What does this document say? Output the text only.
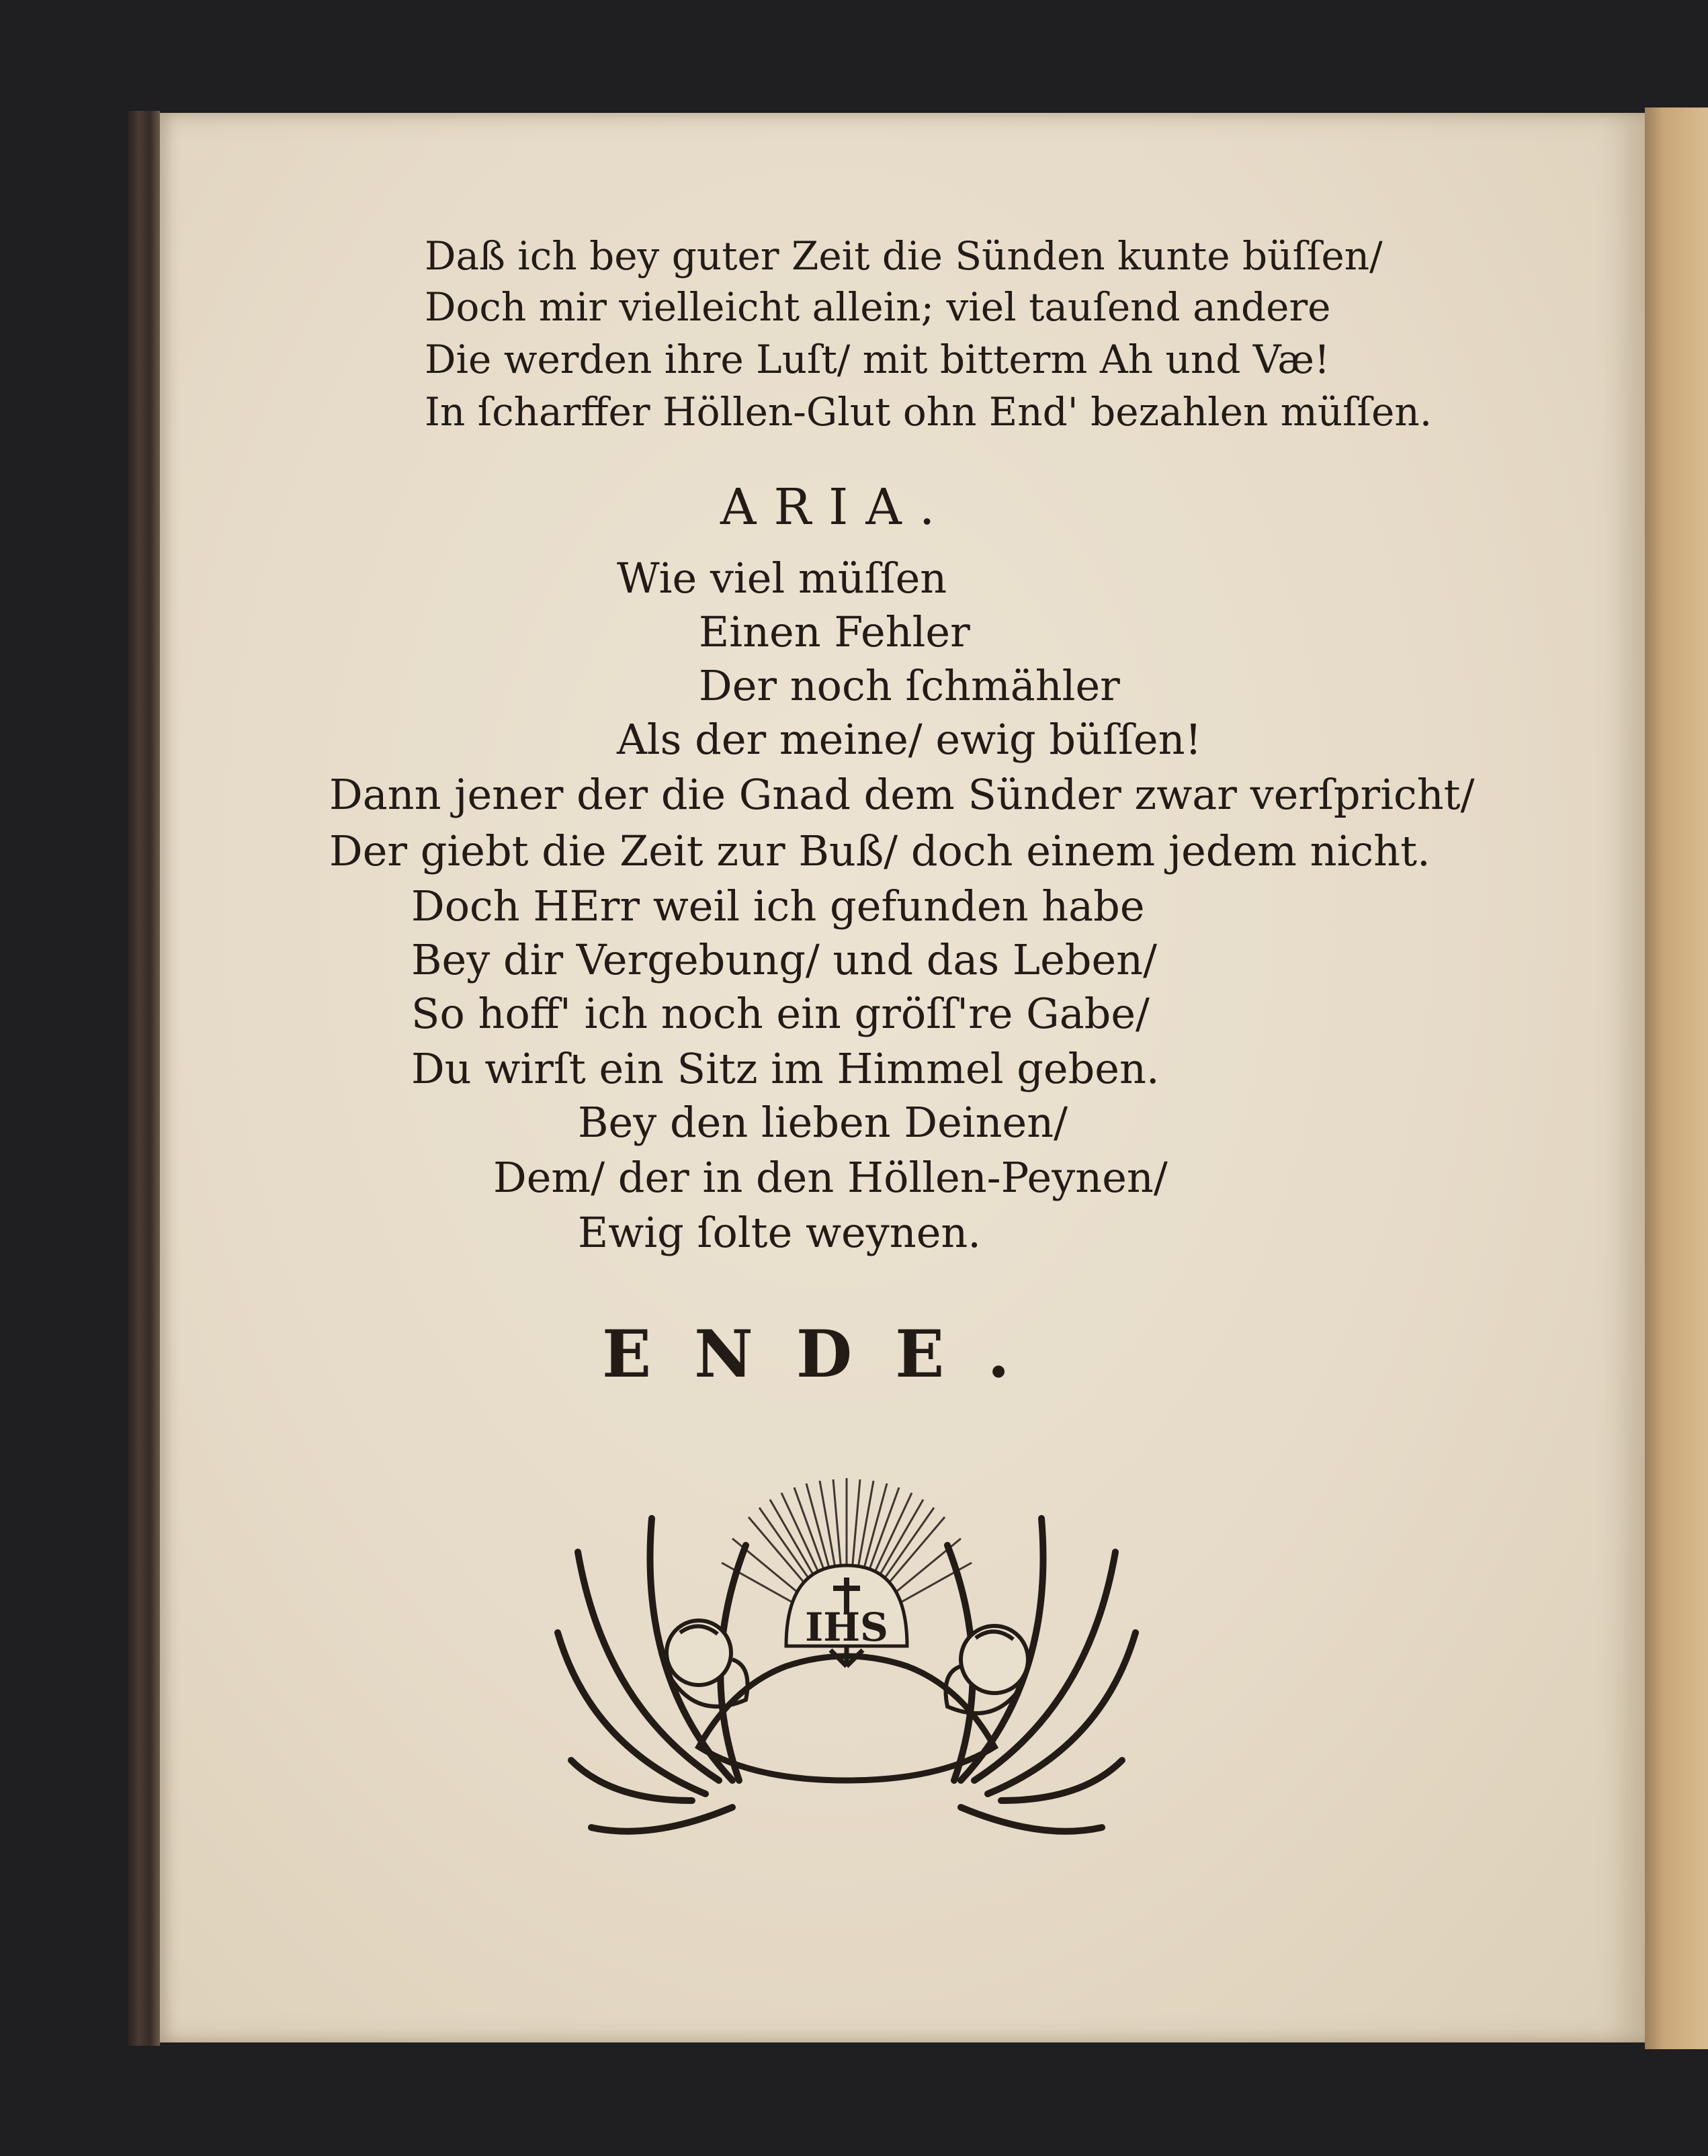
Daß ich bey guter Zeit die Sünden kunte büſſen/
Doch mir vielleicht allein; viel tauſend andere
Die werden ihre Luſt/ mit bitterm Ah und Væ!
In ſcharffer Höllen-Glut ohn End' bezahlen müſſen.
ARIA.
Wie viel müſſen
Einen Fehler
Der noch ſchmähler
Als der meine/ ewig büſſen!
Dann jener der die Gnad dem Sünder zwar verſpricht/
Der giebt die Zeit zur Buß/ doch einem jedem nicht.
Doch HErr weil ich gefunden habe
Bey dir Vergebung/ und das Leben/
So hoff' ich noch ein gröſſ're Gabe/
Du wirſt ein Sitz im Himmel geben.
Bey den lieben Deinen/
Dem/ der in den Höllen-Peynen/
Ewig ſolte weynen.
ENDE.
IHS
